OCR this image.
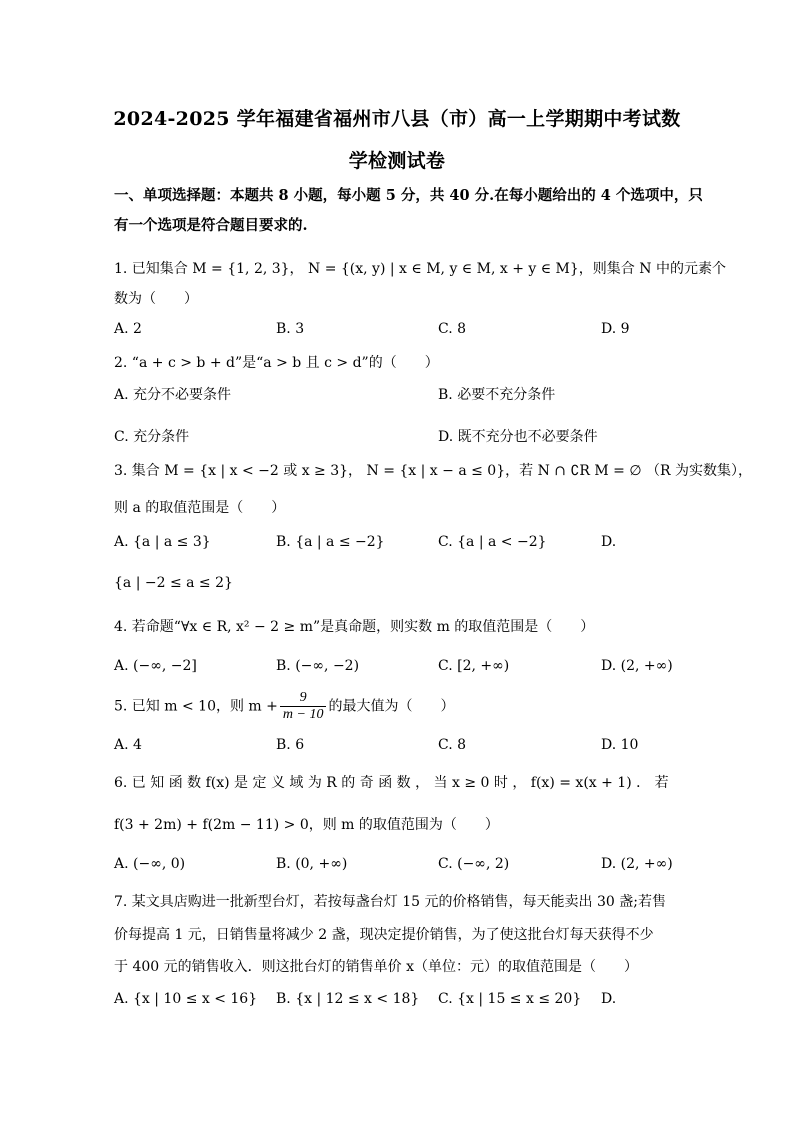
2024-2025 学年福建省福州市八县（市）高一上学期期中考试数
学检测试卷
一、单项选择题：本题共 8 小题，每小题 5 分，共 40 分.在每小题给出的 4 个选项中，只
有一个选项是符合题目要求的.
1. 已知集合 M = {1, 2, 3}， N = {(x, y) | x ∈ M, y ∈ M, x + y ∈ M}，则集合 N 中的元素个
数为（　　）
A. 2	B. 3	C. 8	D. 9
2. “a + c > b + d”是“a > b 且 c > d”的（　　）
A. 充分不必要条件	B. 必要不充分条件
C. 充分条件	D. 既不充分也不必要条件
3. 集合 M = {x | x < −2 或 x ≥ 3}， N = {x | x − a ≤ 0}，若 N ∩ ∁R M = ∅ （R 为实数集），
则 a 的取值范围是（　　）
A. {a | a ≤ 3}	B. {a | a ≤ −2}	C. {a | a < −2}	D.
{a | −2 ≤ a ≤ 2}
4. 若命题“∀x ∈ R, x² − 2 ≥ m”是真命题，则实数 m 的取值范围是（　　）
A. (−∞, −2]	B. (−∞, −2)	C. [2, +∞)	D. (2, +∞)
5. 已知 m < 10，则 $m + \frac{9}{m - 10}$ 的最大值为（　　）
A. 4	B. 6	C. 8	D. 10
6. 已 知 函 数 f(x) 是 定 义 域 为 R 的 奇 函 数 ， 当 x ≥ 0 时 ， f(x) = x(x + 1) ． 若
f(3 + 2m) + f(2m − 11) > 0，则 m 的取值范围为（　　）
A. (−∞, 0)	B. (0, +∞)	C. (−∞, 2)	D. (2, +∞)
7. 某文具店购进一批新型台灯，若按每盏台灯 15 元的价格销售，每天能卖出 30 盏;若售
价每提高 1 元，日销售量将减少 2 盏，现决定提价销售，为了使这批台灯每天获得不少
于 400 元的销售收入．则这批台灯的销售单价 x（单位：元）的取值范围是（　　）
A. {x | 10 ≤ x < 16} B. {x | 12 ≤ x < 18} C. {x | 15 ≤ x ≤ 20} D.
